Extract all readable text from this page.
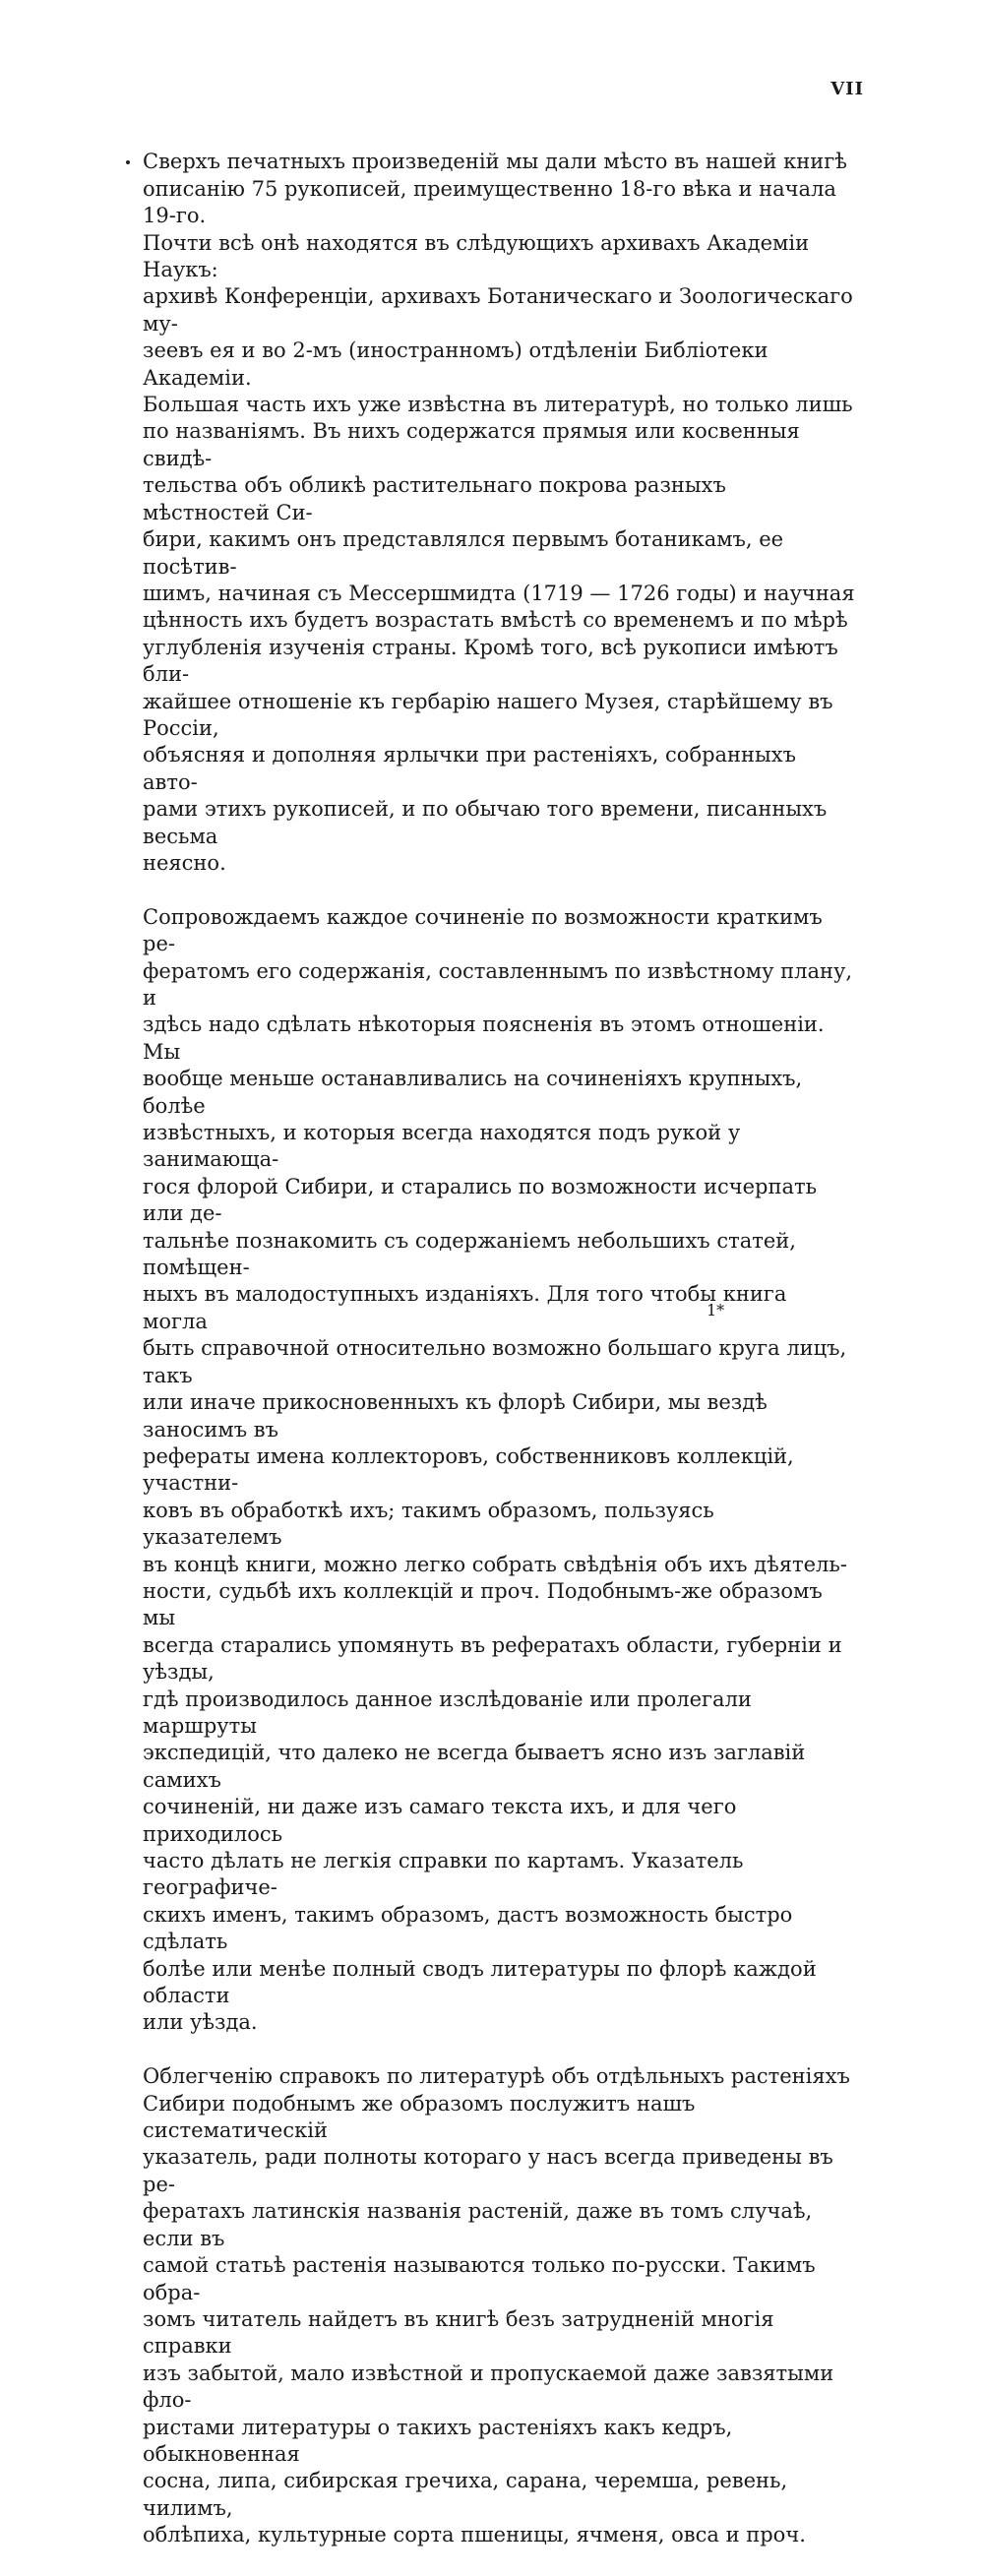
VII

Сверхъ печатныхъ произведенiй мы дали мѣсто въ нашей книгѣ
описанiю 75 рукописей, преимущественно 18-го вѣка и начала 19-го.
Почти всѣ онѣ находятся въ слѣдующихъ архивахъ Академiи Наукъ:
архивѣ Конференцiи, архивахъ Ботаническаго и Зоологическаго му-
зеевъ ея и во 2-мъ (иностранномъ) отдѣленiи Библiотеки Академiи.
Большая часть ихъ уже извѣстна въ литературѣ, но только лишь
по названiямъ. Въ нихъ содержатся прямыя или косвенныя свидѣ-
тельства объ обликѣ растительнаго покрова разныхъ мѣстностей Си-
бири, какимъ онъ представлялся первымъ ботаникамъ, ее посѣтив-
шимъ, начиная съ Мессершмидта (1719 — 1726 годы) и научная
цѣнность ихъ будетъ возрастать вмѣстѣ со временемъ и по мѣрѣ
углубленiя изученiя страны. Кромѣ того, всѣ рукописи имѣютъ бли-
жайшее отношенiе къ гербарiю нашего Музея, старѣйшему въ Россiи,
объясняя и дополняя ярлычки при растенiяхъ, собранныхъ авто-
рами этихъ рукописей, и по обычаю того времени, писанныхъ весьма
неясно.

Сопровождаемъ каждое сочиненiе по возможности краткимъ ре-
фератомъ его содержанiя, составленнымъ по извѣстному плану, и
здѣсь надо сдѣлать нѣкоторыя поясненiя въ этомъ отношенiи. Мы
вообще меньше останавливались на сочиненiяхъ крупныхъ, болѣе
извѣстныхъ, и которыя всегда находятся подъ рукой у занимающа-
гося флорой Сибири, и старались по возможности исчерпать или де-
тальнѣе познакомить съ содержанiемъ небольшихъ статей, помѣщен-
ныхъ въ малодоступныхъ изданiяхъ. Для того чтобы книга могла
быть справочной относительно возможно большаго круга лицъ, такъ
или иначе прикосновенныхъ къ флорѣ Сибири, мы вездѣ заносимъ въ
рефераты имена коллекторовъ, собственниковъ коллекцiй, участни-
ковъ въ обработкѣ ихъ; такимъ образомъ, пользуясь указателемъ
въ концѣ книги, можно легко собрать свѣдѣнiя объ ихъ дѣятель-
ности, судьбѣ ихъ коллекцiй и проч. Подобнымъ-же образомъ мы
всегда старались упомянуть въ рефератахъ области, губернiи и уѣзды,
гдѣ производилось данное изслѣдованiе или пролегали маршруты
экспедицiй, что далеко не всегда бываетъ ясно изъ заглавiй самихъ
сочиненiй, ни даже изъ самаго текста ихъ, и для чего приходилось
часто дѣлать не легкiя справки по картамъ. Указатель географиче-
скихъ именъ, такимъ образомъ, дастъ возможность быстро сдѣлать
болѣе или менѣе полный сводъ литературы по флорѣ каждой области
или уѣзда.

Облегченiю справокъ по литературѣ объ отдѣльныхъ растенiяхъ
Сибири подобнымъ же образомъ послужитъ нашъ систематическiй
указатель, ради полноты котораго у насъ всегда приведены въ ре-
фератахъ латинскiя названiя растенiй, даже въ томъ случаѣ, если въ
самой статьѣ растенiя называются только по-русски. Такимъ обра-
зомъ читатель найдетъ въ книгѣ безъ затрудненiй многiя справки
изъ забытой, мало извѣстной и пропускаемой даже завзятыми фло-
ристами литературы о такихъ растенiяхъ какъ кедръ, обыкновенная
сосна, липа, сибирская гречиха, сарана, черемша, ревень, чилимъ,
облѣпиха, культурные сорта пшеницы, ячменя, овса и проч.

1*
